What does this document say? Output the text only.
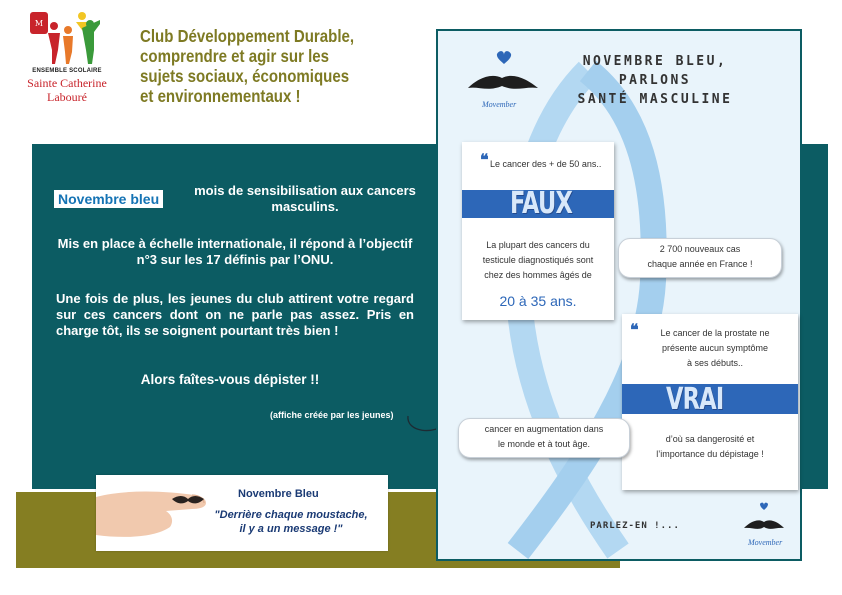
M
ENSEMBLE SCOLAIRE
Sainte Catherine
Labouré
Club Développement Durable,
comprendre et agir sur les
sujets sociaux, économiques
et environnementaux !
Novembre bleu
mois de sensibilisation aux cancers masculins.
Mis en place à échelle internationale, il répond à l’objectif n°3 sur les 17 définis par l’ONU.
Une fois de plus, les jeunes du club attirent votre regard sur ces cancers dont on ne parle pas assez. Pris en charge tôt, ils se soignent pourtant très bien !
Alors faîtes-vous dépister !!
(affiche créée par les jeunes)
Novembre Bleu
"Derrière chaque moustache,
il y a un message !"
Movember
NOVEMBRE BLEU,
PARLONS
SANTÉ MASCULINE
❝ Le cancer des + de 50 ans..
FAUX
La plupart des cancers du
testicule diagnostiqués sont
chez des hommes âgés de
20 à 35 ans.
2 700 nouveaux cas
chaque année en France !
❝	Le cancer de la prostate ne
présente aucun symptôme
à ses débuts..
VRAI
d’où sa dangerosité et
l’importance du dépistage !
cancer en augmentation dans
le monde et à tout âge.
PARLEZ-EN !...
Movember
